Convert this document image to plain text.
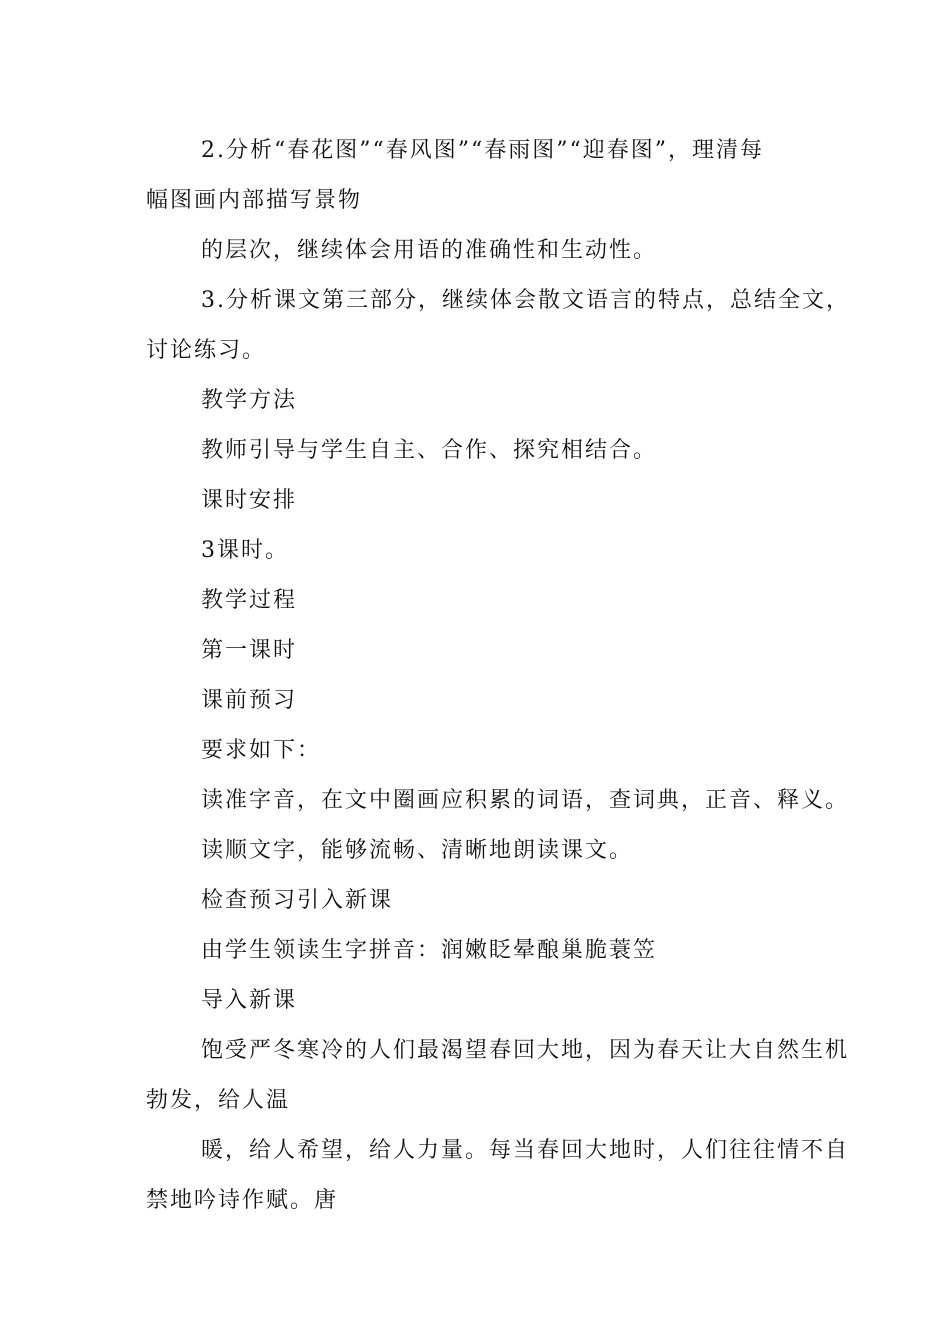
2.分析“春花图”“春风图”“春雨图”“迎春图”，理清每
幅图画内部描写景物
的层次，继续体会用语的准确性和生动性。
3.分析课文第三部分，继续体会散文语言的特点，总结全文，
讨论练习。
教学方法
教师引导与学生自主、合作、探究相结合。
课时安排
3课时。
教学过程
第一课时
课前预习
要求如下：
读准字音，在文中圈画应积累的词语，查词典，正音、释义。
读顺文字，能够流畅、清晰地朗读课文。
检查预习引入新课
由学生领读生字拼音：润嫩眨晕酿巢脆蓑笠
导入新课
饱受严冬寒冷的人们最渴望春回大地，因为春天让大自然生机
勃发，给人温
暖，给人希望，给人力量。每当春回大地时，人们往往情不自
禁地吟诗作赋。唐
